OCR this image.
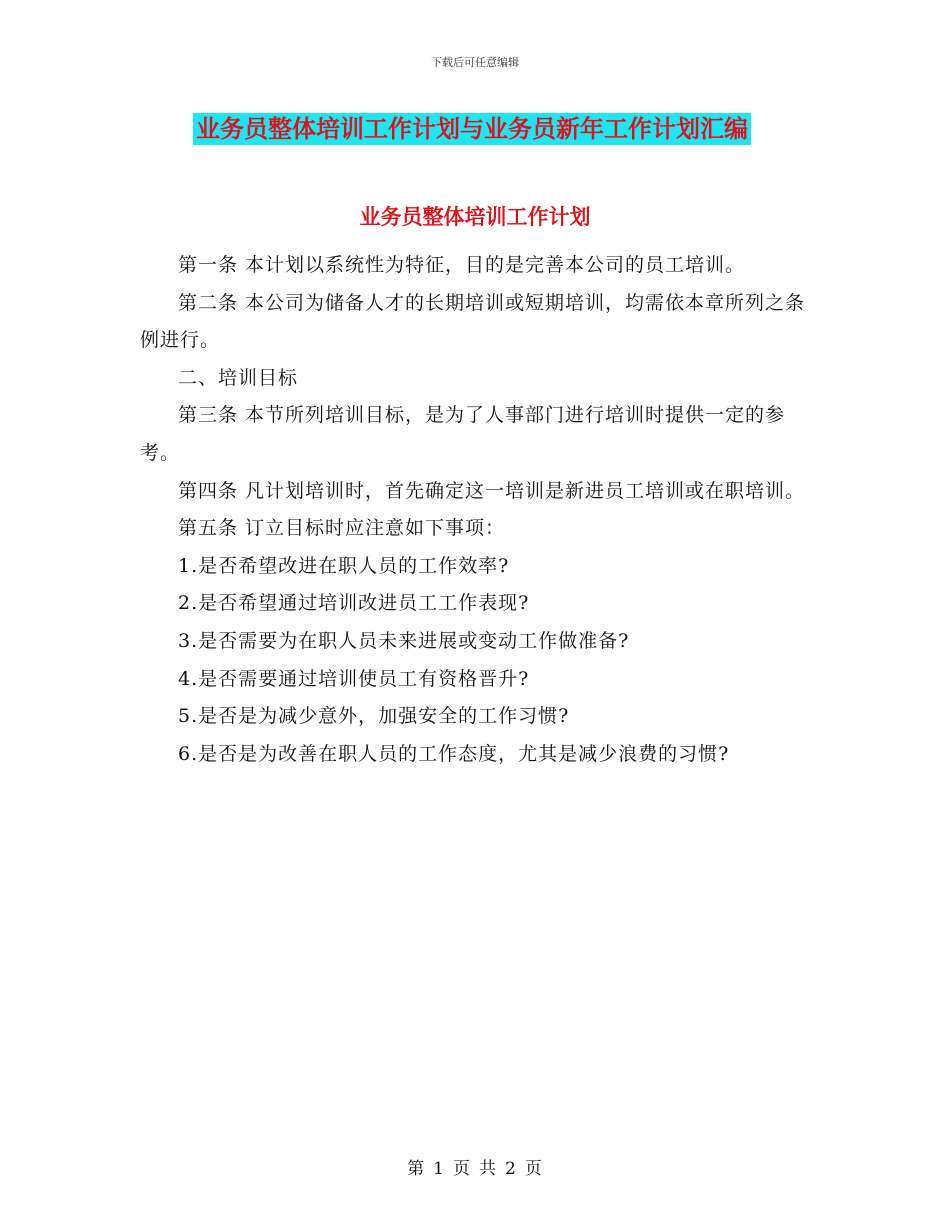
下载后可任意编辑
业务员整体培训工作计划与业务员新年工作计划汇编
业务员整体培训工作计划

第一条 本计划以系统性为特征，目的是完善本公司的员工培训。

第二条 本公司为储备人才的长期培训或短期培训，均需依本章所列之条例进行。

二、培训目标

第三条 本节所列培训目标，是为了人事部门进行培训时提供一定的参考。

第四条 凡计划培训时，首先确定这一培训是新进员工培训或在职培训。

第五条 订立目标时应注意如下事项：

1.是否希望改进在职人员的工作效率?

2.是否希望通过培训改进员工工作表现?

3.是否需要为在职人员未来进展或变动工作做准备?

4.是否需要通过培训使员工有资格晋升?

5.是否是为减少意外，加强安全的工作习惯?

6.是否是为改善在职人员的工作态度，尤其是减少浪费的习惯?

第 1 页 共 2 页
